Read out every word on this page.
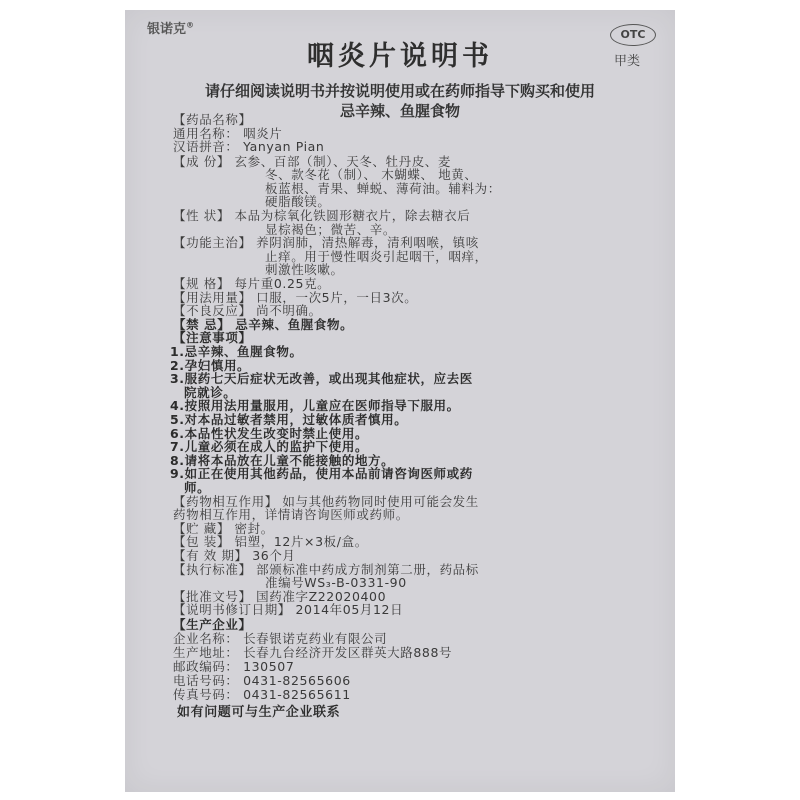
银诺克®
咽炎片说明书
OTC
甲类
请仔细阅读说明书并按说明使用或在药师指导下购买和使用
忌辛辣、鱼腥食物
【药品名称】
通用名称： 咽炎片
汉语拼音： Yanyan Pian
【成 份】 玄参、百部（制）、天冬、牡丹皮、麦
冬、款冬花（制）、 木蝴蝶、 地黄、
板蓝根、青果、蝉蜕、薄荷油。辅料为：
硬脂酸镁。
【性 状】 本品为棕氧化铁圆形糖衣片，除去糖衣后
显棕褐色；微苦、辛。
【功能主治】 养阴润肺，清热解毒，清利咽喉，镇咳
止痒。用于慢性咽炎引起咽干，咽痒，
刺激性咳嗽。
【规 格】 每片重0.25克。
【用法用量】 口服，一次5片，一日3次。
【不良反应】 尚不明确。
【禁 忌】 忌辛辣、鱼腥食物。
【注意事项】
1.忌辛辣、鱼腥食物。
2.孕妇慎用。
3.服药七天后症状无改善，或出现其他症状，应去医
院就诊。
4.按照用法用量服用，儿童应在医师指导下服用。
5.对本品过敏者禁用，过敏体质者慎用。
6.本品性状发生改变时禁止使用。
7.儿童必须在成人的监护下使用。
8.请将本品放在儿童不能接触的地方。
9.如正在使用其他药品，使用本品前请咨询医师或药
师。
【药物相互作用】 如与其他药物同时使用可能会发生
药物相互作用，详情请咨询医师或药师。
【贮 藏】 密封。
【包 装】 铝塑，12片×3板/盒。
【有 效 期】 36个月
【执行标准】 部颁标准中药成方制剂第二册，药品标
准编号WS₃-B-0331-90
【批准文号】 国药准字Z22020400
【说明书修订日期】 2014年05月12日
【生产企业】
企业名称： 长春银诺克药业有限公司
生产地址： 长春九台经济开发区群英大路888号
邮政编码： 130507
电话号码： 0431-82565606
传真号码： 0431-82565611
如有问题可与生产企业联系
